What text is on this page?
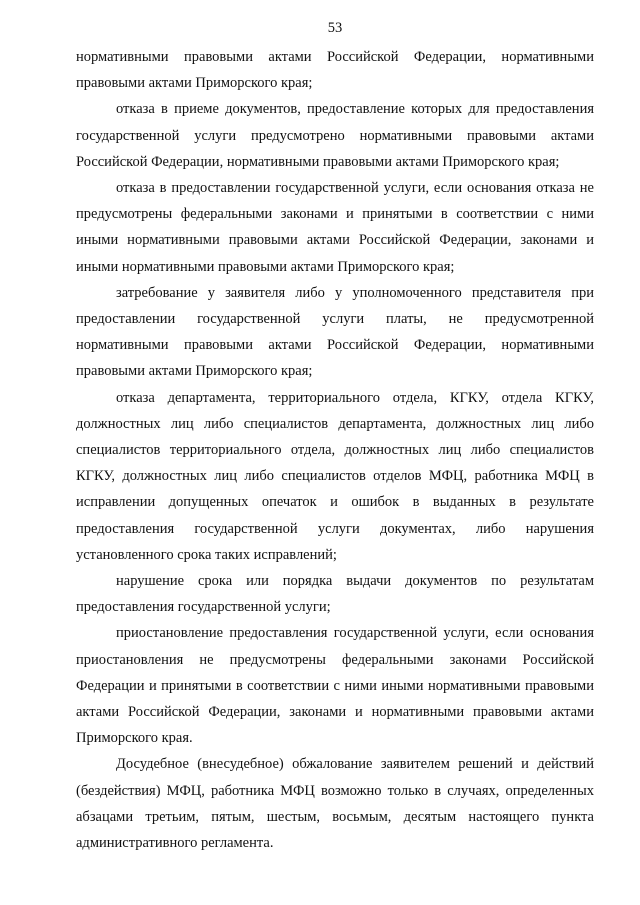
53

нормативными правовыми актами Российской Федерации, нормативными правовыми актами Приморского края;

отказа в приеме документов, предоставление которых для предоставления государственной услуги предусмотрено нормативными правовыми актами Российской Федерации, нормативными правовыми актами Приморского края;

отказа в предоставлении государственной услуги, если основания отказа не предусмотрены федеральными законами и принятыми в соответствии с ними иными нормативными правовыми актами Российской Федерации, законами и иными нормативными правовыми актами Приморского края;

затребование у заявителя либо у уполномоченного представителя при предоставлении государственной услуги платы, не предусмотренной нормативными правовыми актами Российской Федерации, нормативными правовыми актами Приморского края;

отказа департамента, территориального отдела, КГКУ, отдела КГКУ, должностных лиц либо специалистов департамента, должностных лиц либо специалистов территориального отдела, должностных лиц либо специалистов КГКУ, должностных лиц либо специалистов отделов МФЦ, работника МФЦ в исправлении допущенных опечаток и ошибок в выданных в результате предоставления государственной услуги документах, либо нарушения установленного срока таких исправлений;

нарушение срока или порядка выдачи документов по результатам предоставления государственной услуги;

приостановление предоставления государственной услуги, если основания приостановления не предусмотрены федеральными законами Российской Федерации и принятыми в соответствии с ними иными нормативными правовыми актами Российской Федерации, законами и нормативными правовыми актами Приморского края.

Досудебное (внесудебное) обжалование заявителем решений и действий (бездействия) МФЦ, работника МФЦ возможно только в случаях, определенных абзацами третьим, пятым, шестым, восьмым, десятым настоящего пункта административного регламента.
